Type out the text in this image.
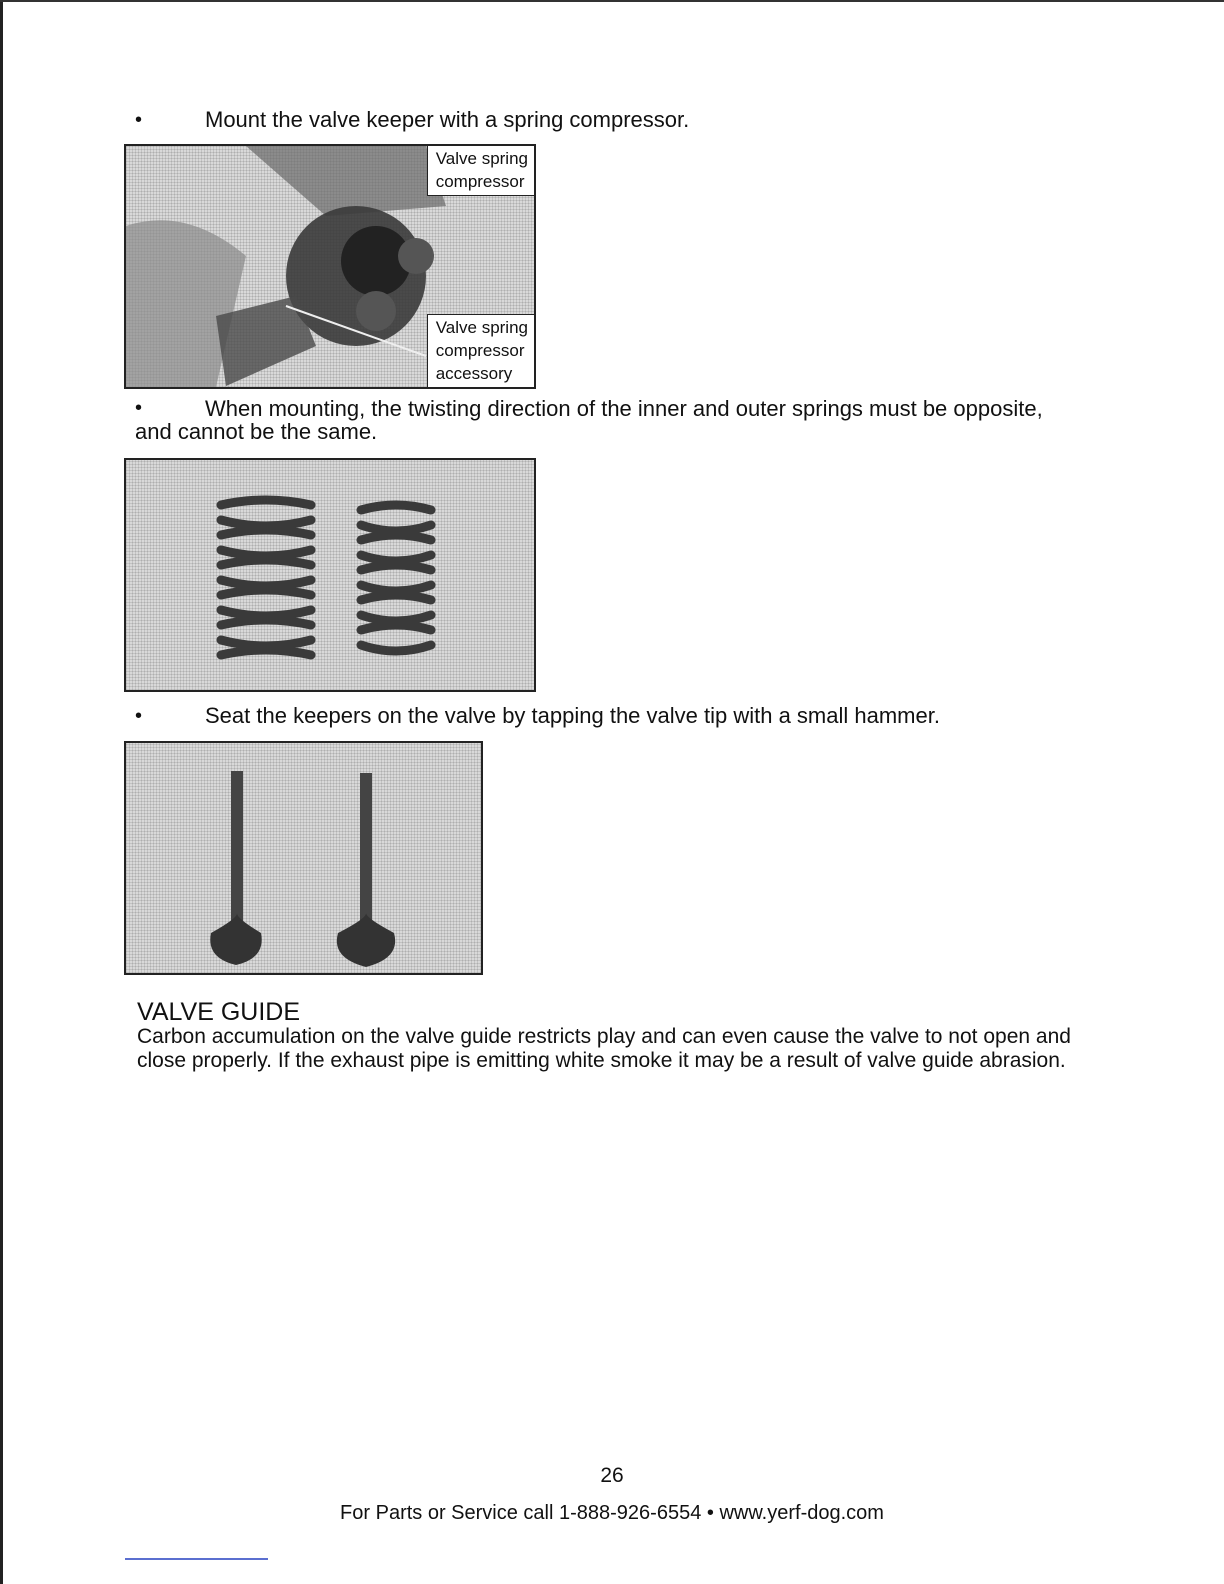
•	Mount the valve keeper with a spring compressor.
Valve spring
compressor
Valve spring
compressor
accessory
•	When mounting, the twisting direction of the inner and outer springs must be opposite,
and cannot be the same.
•	Seat the keepers on the valve by tapping the valve tip with a small hammer.
VALVE GUIDE
Carbon accumulation on the valve guide restricts play and can even cause the valve to not open and close properly. If the exhaust pipe is emitting white smoke it may be a result of valve guide abrasion.
26
For Parts or Service call 1-888-926-6554 • www.yerf-dog.com
